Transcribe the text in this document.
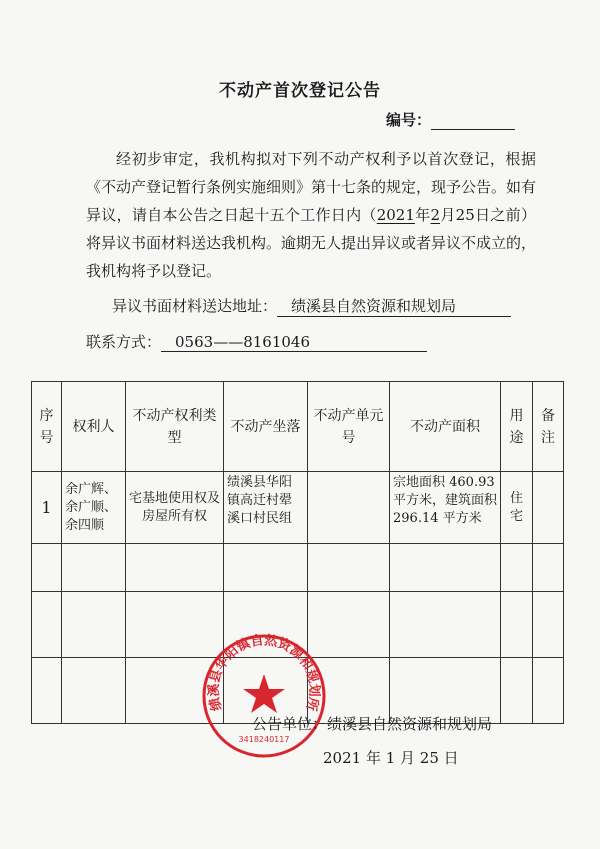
不动产首次登记公告
编号：

经初步审定，我机构拟对下列不动产权利予以首次登记，根据《不动产登记暂行条例实施细则》第十七条的规定，现予公告。如有异议，请自本公告之日起十五个工作日内（2021年2月25日之前）将异议书面材料送达我机构。逾期无人提出异议或者异议不成立的，我机构将予以登记。

异议书面材料送达地址： 绩溪县自然资源和规划局
联系方式： 0563——8161046
序号	权利人	不动产权利类型	不动产坐落	不动产单元号	不动产面积	用途	备注
1	余广辉、余广顺、余四顺	宅基地使用权及房屋所有权	绩溪县华阳镇高迁村翚溪口村民组		宗地面积 460.93 平方米，建筑面积 296.14 平方米	住宅	

绩溪县华阳镇自然资源和规划所
3418240117
公告单位：绩溪县自然资源和规划局
2021 年 1 月 25 日
